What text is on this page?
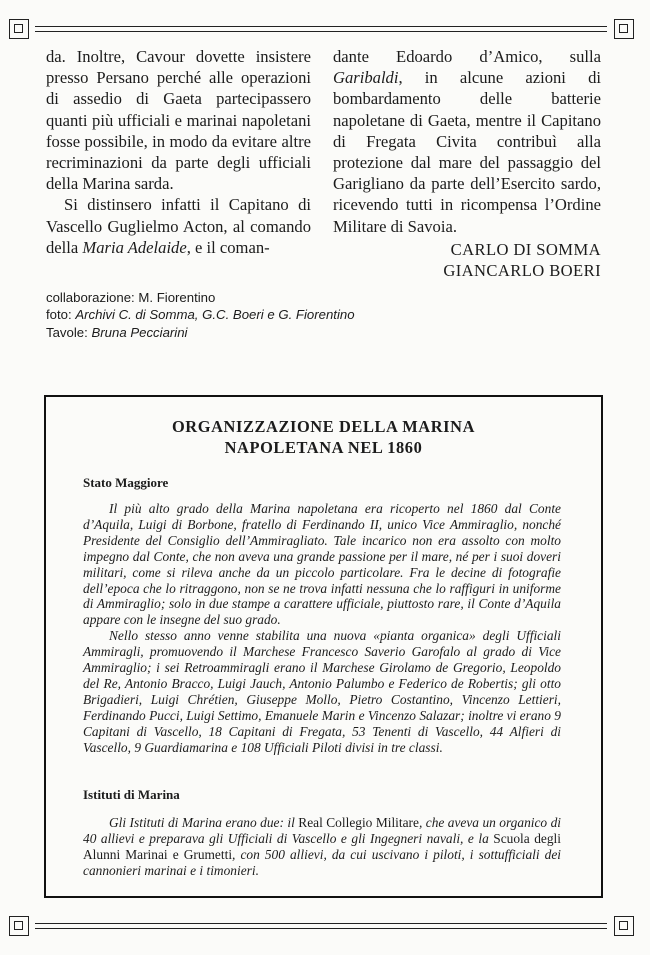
da. Inoltre, Cavour dovette insistere presso Persano perché alle operazioni di assedio di Gaeta partecipassero quanti più ufficiali e marinai napoletani fosse possibile, in modo da evitare altre recriminazioni da parte degli ufficiali della Marina sarda.

Si distinsero infatti il Capitano di Vascello Guglielmo Acton, al comando della Maria Adelaide, e il coman-

dante Edoardo d’Amico, sulla Garibaldi, in alcune azioni di bombardamento delle batterie napoletane di Gaeta, mentre il Capitano di Fregata Civita contribuì alla protezione dal mare del passaggio del Garigliano da parte dell’Esercito sardo, ricevendo tutti in ricompensa l’Ordine Militare di Savoia.

CARLO DI SOMMA
GIANCARLO BOERI
collaborazione: M. Fiorentino
foto: Archivi C. di Somma, G.C. Boeri e G. Fiorentino
Tavole: Bruna Pecciarini
ORGANIZZAZIONE DELLA MARINA
NAPOLETANA NEL 1860
Stato Maggiore

Il più alto grado della Marina napoletana era ricoperto nel 1860 dal Conte d’Aquila, Luigi di Borbone, fratello di Ferdinando II, unico Vice Ammiraglio, nonché Presidente del Consiglio dell’Ammiragliato. Tale incarico non era assolto con molto impegno dal Conte, che non aveva una grande passione per il mare, né per i suoi doveri militari, come si rileva anche da un piccolo particolare. Fra le decine di fotografie dell’epoca che lo ritraggono, non se ne trova infatti nessuna che lo raffiguri in uniforme di Ammiraglio; solo in due stampe a carattere ufficiale, piuttosto rare, il Conte d’Aquila appare con le insegne del suo grado.

Nello stesso anno venne stabilita una nuova «pianta organica» degli Ufficiali Ammiragli, promuovendo il Marchese Francesco Saverio Garofalo al grado di Vice Ammiraglio; i sei Retroammiragli erano il Marchese Girolamo de Gregorio, Leopoldo del Re, Antonio Bracco, Luigi Jauch, Antonio Palumbo e Federico de Robertis; gli otto Brigadieri, Luigi Chrétien, Giuseppe Mollo, Pietro Costantino, Vincenzo Lettieri, Ferdinando Pucci, Luigi Settimo, Emanuele Marin e Vincenzo Salazar; inoltre vi erano 9 Capitani di Vascello, 18 Capitani di Fregata, 53 Tenenti di Vascello, 44 Alfieri di Vascello, 9 Guardiamarina e 108 Ufficiali Piloti divisi in tre classi.

Istituti di Marina

Gli Istituti di Marina erano due: il Real Collegio Militare, che aveva un organico di 40 allievi e preparava gli Ufficiali di Vascello e gli Ingegneri navali, e la Scuola degli Alunni Marinai e Grumetti, con 500 allievi, da cui uscivano i piloti, i sottufficiali dei cannonieri marinai e i timonieri.
